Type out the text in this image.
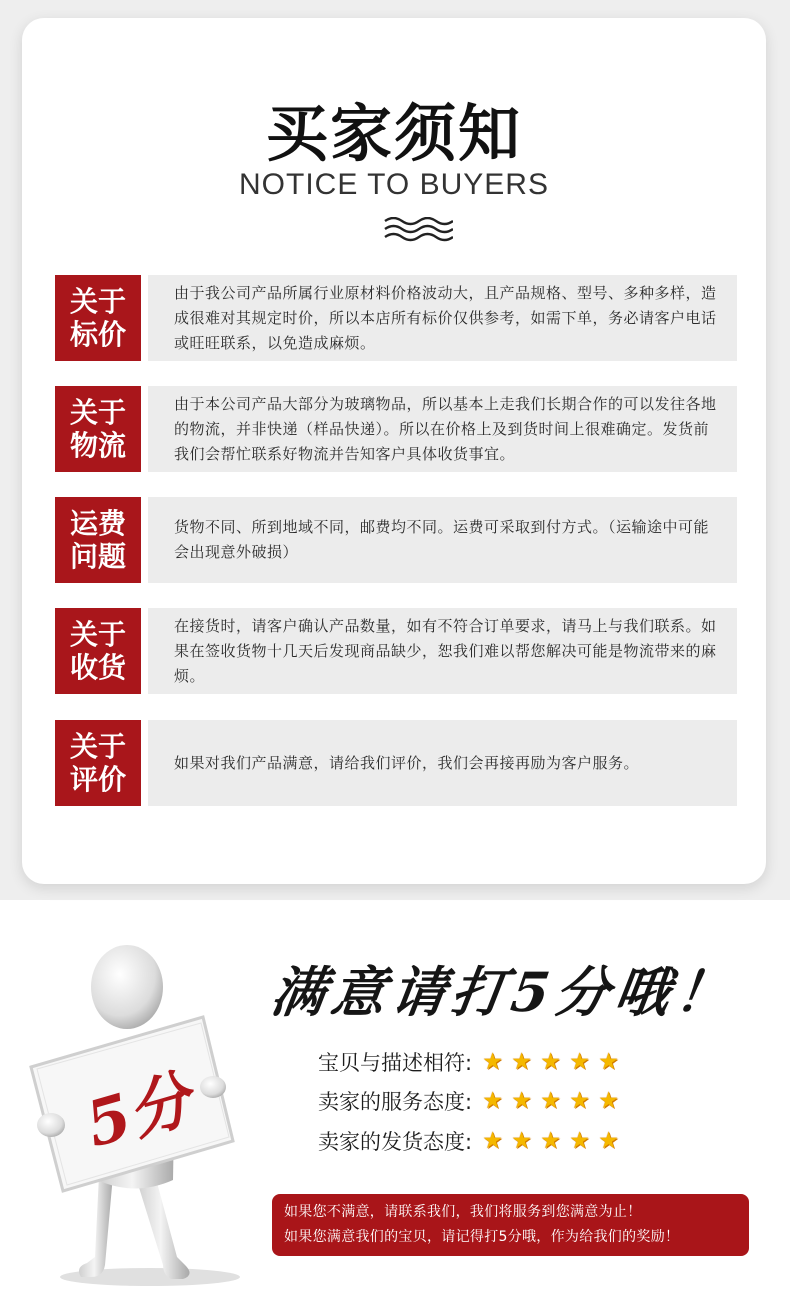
买家须知
NOTICE TO BUYERS
关于标价
由于我公司产品所属行业原材料价格波动大，且产品规格、型号、多种多样，造成很难对其规定时价，所以本店所有标价仅供参考，如需下单，务必请客户电话或旺旺联系，以免造成麻烦。
关于物流
由于本公司产品大部分为玻璃物品，所以基本上走我们长期合作的可以发往各地的物流，并非快递（样品快递）。所以在价格上及到货时间上很难确定。发货前我们会帮忙联系好物流并告知客户具体收货事宜。
运费问题
货物不同、所到地域不同，邮费均不同。运费可采取到付方式。（运输途中可能会出现意外破损）
关于收货
在接货时，请客户确认产品数量，如有不符合订单要求，请马上与我们联系。如果在签收货物十几天后发现商品缺少，恕我们难以帮您解决可能是物流带来的麻烦。
关于评价
如果对我们产品满意，请给我们评价，我们会再接再励为客户服务。
5分
满意请打5分哦！
宝贝与描述相符: ★ ★ ★ ★ ★
卖家的服务态度: ★ ★ ★ ★ ★
卖家的发货态度: ★ ★ ★ ★ ★
如果您不满意，请联系我们，我们将服务到您满意为止！
如果您满意我们的宝贝，请记得打5分哦，作为给我们的奖励！
